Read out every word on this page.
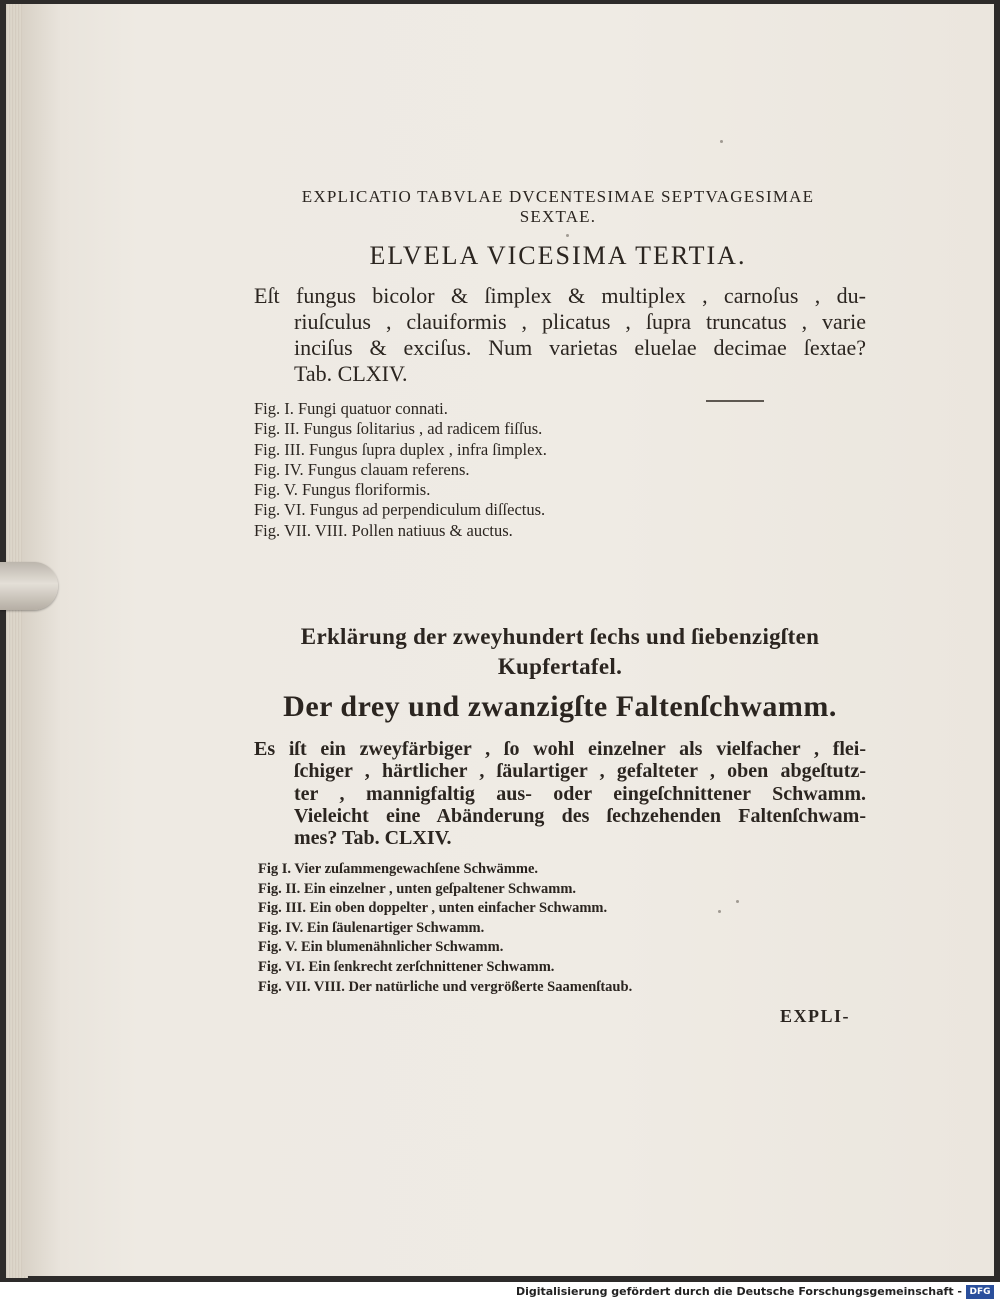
EXPLICATIO TABVLAE DVCENTESIMAE SEPTVAGESIMAE
SEXTAE.
ELVELA VICESIMA TERTIA.
Eſt fungus bicolor & ſimplex & multiplex , carnoſus , du-
riuſculus , clauiformis , plicatus , ſupra truncatus , varie
inciſus & exciſus. Num varietas eluelae decimae ſextae?
Tab. CLXIV.
Fig. I. Fungi quatuor connati.
Fig. II. Fungus ſolitarius , ad radicem fiſſus.
Fig. III. Fungus ſupra duplex , infra ſimplex.
Fig. IV. Fungus clauam referens.
Fig. V. Fungus floriformis.
Fig. VI. Fungus ad perpendiculum diſſectus.
Fig. VII. VIII. Pollen natiuus & auctus.
Erklärung der zweyhundert ſechs und ſiebenzigſten
Kupfertafel.
Der drey und zwanzigſte Faltenſchwamm.
Es iſt ein zweyfärbiger , ſo wohl einzelner als vielfacher , flei-
ſchiger , härtlicher , ſäulartiger , gefalteter , oben abgeſtutz-
ter , mannigfaltig aus- oder eingeſchnittener Schwamm.
Vieleicht eine Abänderung des ſechzehenden Faltenſchwam-
mes? Tab. CLXIV.
Fig I. Vier zuſammengewachſene Schwämme.
Fig. II. Ein einzelner , unten geſpaltener Schwamm.
Fig. III. Ein oben doppelter , unten einfacher Schwamm.
Fig. IV. Ein ſäulenartiger Schwamm.
Fig. V. Ein blumenähnlicher Schwamm.
Fig. VI. Ein ſenkrecht zerſchnittener Schwamm.
Fig. VII. VIII. Der natürliche und vergrößerte Saamenſtaub.
EXPLI-
Digitalisierung gefördert durch die Deutsche Forschungsgemeinschaft - DFG
